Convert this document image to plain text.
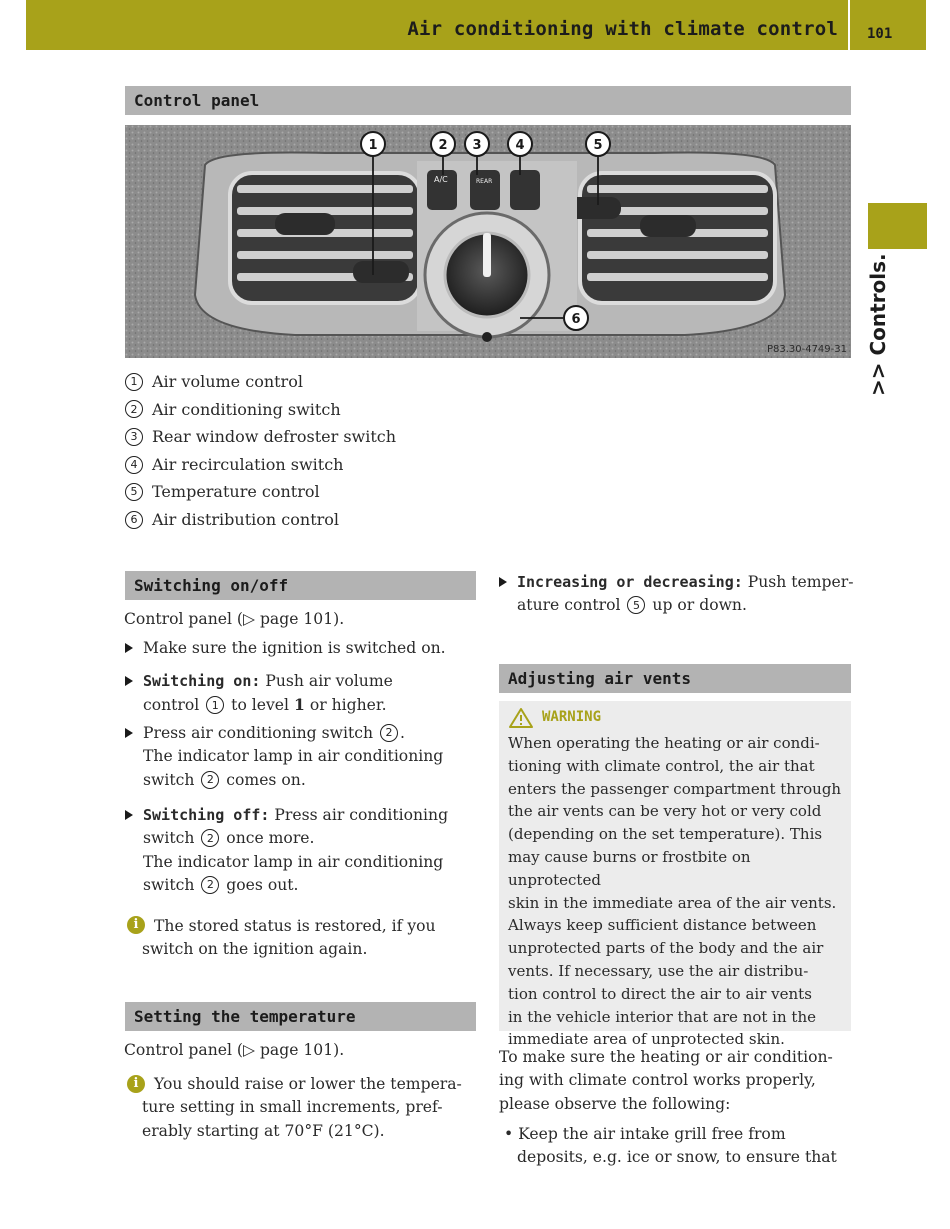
Air conditioning with climate control 101
>> Controls.
Control panel
A/C	REAR
1	2 3	4	5
6
P83.30-4749-31
1 Air volume control
2 Air conditioning switch
3 Rear window defroster switch
4 Air recirculation switch
5 Temperature control
6 Air distribution control
Switching on/off
Control panel (▷ page 101).
Make sure the ignition is switched on.
Switching on: Push air volume
control 1 to level 1 or higher.
Press air conditioning switch 2 .
The indicator lamp in air conditioning
switch 2 comes on.
Switching off: Press air conditioning
switch 2 once more.
The indicator lamp in air conditioning
switch 2 goes out.
i The stored status is restored, if you
switch on the ignition again.
Setting the temperature
Control panel (▷ page 101).
i You should raise or lower the tempera-
ture setting in small increments, pref-
erably starting at 70°F (21°C).
Increasing or decreasing: Push temper-
ature control 5 up or down.
Adjusting air vents
WARNING
When operating the heating or air condi-
tioning with climate control, the air that
enters the passenger compartment through
the air vents can be very hot or very cold
(depending on the set temperature). This
may cause burns or frostbite on unprotected
skin in the immediate area of the air vents.
Always keep sufficient distance between
unprotected parts of the body and the air
vents. If necessary, use the air distribu-
tion control to direct the air to air vents
in the vehicle interior that are not in the
immediate area of unprotected skin.
To make sure the heating or air condition-
ing with climate control works properly,
please observe the following:
• Keep the air intake grill free from
deposits, e.g. ice or snow, to ensure that
